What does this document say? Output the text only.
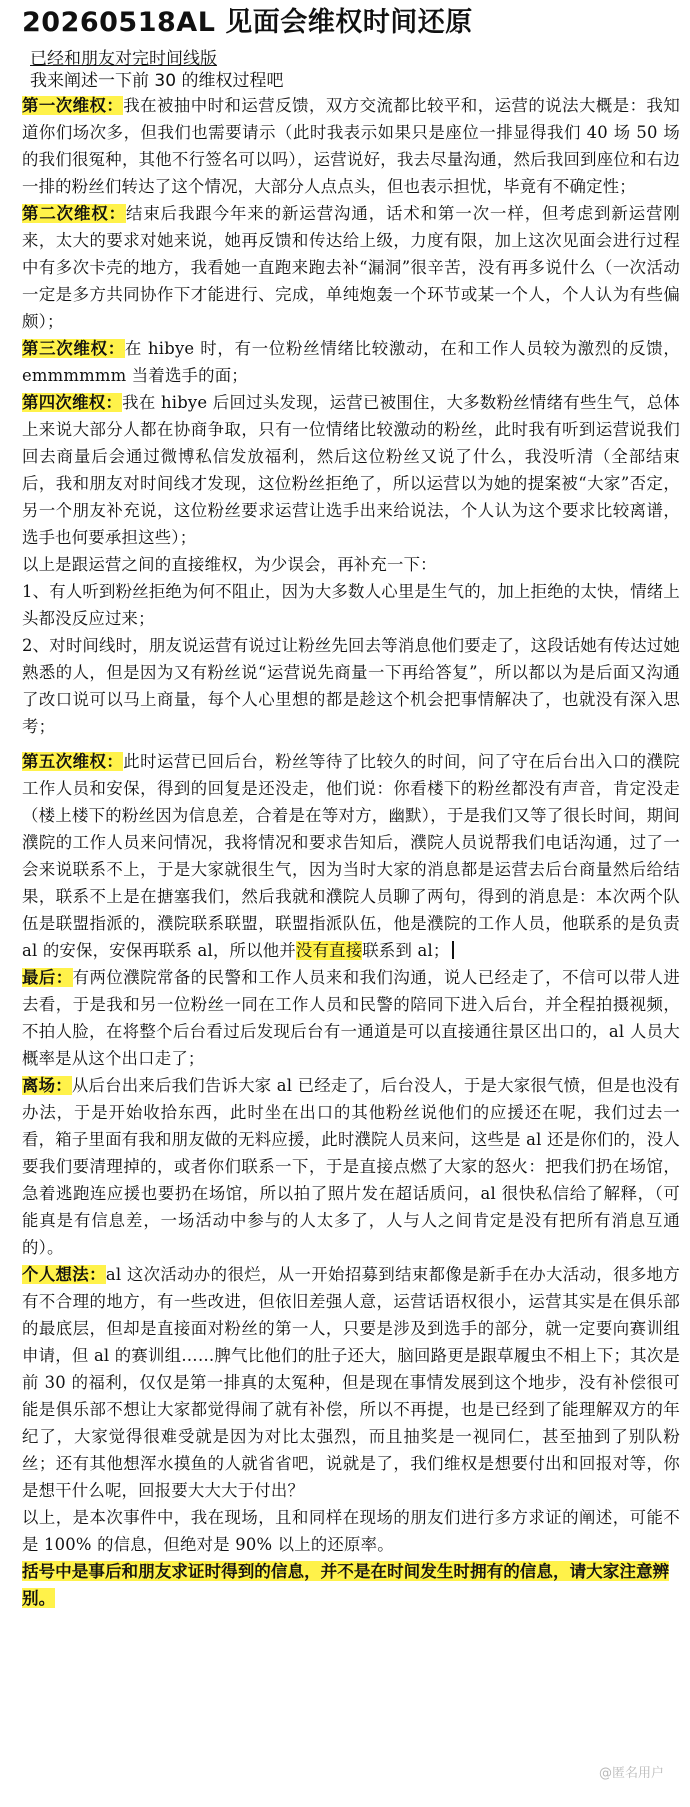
20260518AL 见面会维权时间还原
已经和朋友对完时间线版
我来阐述一下前 30 的维权过程吧

第一次维权：我在被抽中时和运营反馈，双方交流都比较平和，运营的说法大概是：我知道你们场次多，但我们也需要请示（此时我表示如果只是座位一排显得我们 40 场 50 场的我们很冤种，其他不行签名可以吗），运营说好，我去尽量沟通，然后我回到座位和右边一排的粉丝们转达了这个情况，大部分人点点头，但也表示担忧，毕竟有不确定性；

第二次维权：结束后我跟今年来的新运营沟通，话术和第一次一样，但考虑到新运营刚来，太大的要求对她来说，她再反馈和传达给上级，力度有限，加上这次见面会进行过程中有多次卡壳的地方，我看她一直跑来跑去补“漏洞”很辛苦，没有再多说什么（一次活动一定是多方共同协作下才能进行、完成，单纯炮轰一个环节或某一个人，个人认为有些偏颇）；

第三次维权：在 hibye 时，有一位粉丝情绪比较激动，在和工作人员较为激烈的反馈，emmmmmm 当着选手的面；

第四次维权：我在 hibye 后回过头发现，运营已被围住，大多数粉丝情绪有些生气，总体上来说大部分人都在协商争取，只有一位情绪比较激动的粉丝，此时我有听到运营说我们回去商量后会通过微博私信发放福利，然后这位粉丝又说了什么，我没听清（全部结束后，我和朋友对时间线才发现，这位粉丝拒绝了，所以运营以为她的提案被“大家”否定，另一个朋友补充说，这位粉丝要求运营让选手出来给说法，个人认为这个要求比较离谱，选手也何要承担这些）；

以上是跟运营之间的直接维权，为少误会，再补充一下：
1、有人听到粉丝拒绝为何不阻止，因为大多数人心里是生气的，加上拒绝的太快，情绪上头都没反应过来；
2、对时间线时，朋友说运营有说过让粉丝先回去等消息他们要走了，这段话她有传达过她熟悉的人，但是因为又有粉丝说“运营说先商量一下再给答复”，所以都以为是后面又沟通了改口说可以马上商量，每个人心里想的都是趁这个机会把事情解决了，也就没有深入思考；

第五次维权：此时运营已回后台，粉丝等待了比较久的时间，问了守在后台出入口的濮院工作人员和安保，得到的回复是还没走，他们说：你看楼下的粉丝都没有声音，肯定没走（楼上楼下的粉丝因为信息差，合着是在等对方，幽默），于是我们又等了很长时间，期间濮院的工作人员来问情况，我将情况和要求告知后，濮院人员说帮我们电话沟通，过了一会来说联系不上，于是大家就很生气，因为当时大家的消息都是运营去后台商量然后给结果，联系不上是在搪塞我们，然后我就和濮院人员聊了两句，得到的消息是：本次两个队伍是联盟指派的，濮院联系联盟，联盟指派队伍，他是濮院的工作人员，他联系的是负责 al 的安保，安保再联系 al，所以他并没有直接联系到 al；

最后：有两位濮院常备的民警和工作人员来和我们沟通，说人已经走了，不信可以带人进去看，于是我和另一位粉丝一同在工作人员和民警的陪同下进入后台，并全程拍摄视频，不拍人脸，在将整个后台看过后发现后台有一通道是可以直接通往景区出口的，al 人员大概率是从这个出口走了；

离场：从后台出来后我们告诉大家 al 已经走了，后台没人，于是大家很气愤，但是也没有办法，于是开始收拾东西，此时坐在出口的其他粉丝说他们的应援还在呢，我们过去一看，箱子里面有我和朋友做的无料应援，此时濮院人员来问，这些是 al 还是你们的，没人要我们要清理掉的，或者你们联系一下，于是直接点燃了大家的怒火：把我们扔在场馆，急着逃跑连应援也要扔在场馆，所以拍了照片发在超话质问，al 很快私信给了解释，（可能真是有信息差，一场活动中参与的人太多了，人与人之间肯定是没有把所有消息互通的）。

个人想法：al 这次活动办的很烂，从一开始招募到结束都像是新手在办大活动，很多地方有不合理的地方，有一些改进，但依旧差强人意，运营话语权很小，运营其实是在俱乐部的最底层，但却是直接面对粉丝的第一人，只要是涉及到选手的部分，就一定要向赛训组申请，但 al 的赛训组……脾气比他们的肚子还大，脑回路更是跟草履虫不相上下；其次是前 30 的福利，仅仅是第一排真的太冤种，但是现在事情发展到这个地步，没有补偿很可能是俱乐部不想让大家都觉得闹了就有补偿，所以不再提，也是已经到了能理解双方的年纪了，大家觉得很难受就是因为对比太强烈，而且抽奖是一视同仁，甚至抽到了别队粉丝；还有其他想浑水摸鱼的人就省省吧，说就是了，我们维权是想要付出和回报对等，你是想干什么呢，回报要大大大于付出？

以上，是本次事件中，我在现场，且和同样在现场的朋友们进行多方求证的阐述，可能不是 100% 的信息，但绝对是 90% 以上的还原率。

括号中是事后和朋友求证时得到的信息，并不是在时间发生时拥有的信息，请大家注意辨别。

@匿名用户
